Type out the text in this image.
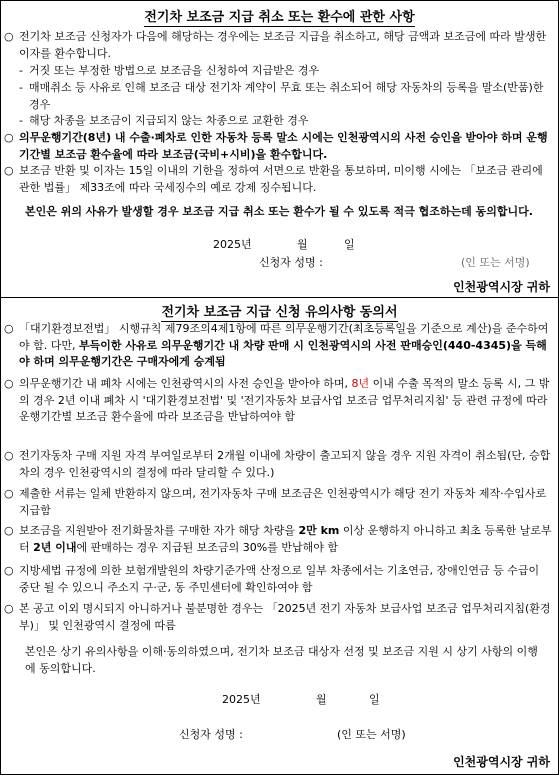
전기차 보조금 지급 취소 또는 환수에 관한 사항
○ 전기차 보조금 신청자가 다음에 해당하는 경우에는 보조금 지급을 취소하고, 해당 금액과 보조금에 따라 발생한 이자를 환수합니다.
- 거짓 또는 부정한 방법으로 보조금을 신청하여 지급받은 경우
- 매매취소 등 사유로 인해 보조금 대상 전기차 계약이 무효 또는 취소되어 해당 자동차의 등록을 말소(반품)한 경우
- 해당 차종을 보조금이 지급되지 않는 차종으로 교환한 경우
○ 의무운행기간(8년) 내 수출·폐차로 인한 자동차 등록 말소 시에는 인천광역시의 사전 승인을 받아야 하며 운행기간별 보조금 환수율에 따라 보조금(국비+시비)을 환수합니다.
○ 보조금 반환 및 이자는 15일 이내의 기한을 정하여 서면으로 반환을 통보하며, 미이행 시에는 「보조금 관리에 관한 법률」 제33조에 따라 국세징수의 예로 강제 징수됩니다.
본인은 위의 사유가 발생할 경우 보조금 지급 취소 또는 환수가 될 수 있도록 적극 협조하는데 동의합니다.
2025년	월	일
신청자 성명 :	(인 또는 서명)
인천광역시장 귀하
전기차 보조금 지급 신청 유의사항 동의서
○ 「대기환경보전법」 시행규칙 제79조의4제1항에 따른 의무운행기간(최초등록일을 기준으로 계산)을 준수하여야 함. 다만, 부득이한 사유로 의무운행기간 내 차량 판매 시 인천광역시의 사전 판매승인(440-4345)을 득해야 하며 의무운행기간은 구매자에게 승계됨
○ 의무운행기간 내 폐차 시에는 인천광역시의 사전 승인을 받아야 하며, 8년 이내 수출 목적의 말소 등록 시, 그 밖의 경우 2년 이내 폐차 시 '대기환경보전법' 및 '전기자동차 보급사업 보조금 업무처리지침' 등 관련 규정에 따라 운행기간별 보조금 환수율에 따라 보조금을 반납하여야 함
○ 전기자동차 구매 지원 자격 부여일로부터 2개월 이내에 차량이 출고되지 않을 경우 지원 자격이 취소됨(단, 승합차의 경우 인천광역시의 결정에 따라 달리할 수 있다.)
○ 제출한 서류는 일체 반환하지 않으며, 전기자동차 구매 보조금은 인천광역시가 해당 전기 자동차 제작·수입사로 지급함
○ 보조금을 지원받아 전기화물차를 구매한 자가 해당 차량을 2만 km 이상 운행하지 아니하고 최초 등록한 날로부터 2년 이내에 판매하는 경우 지급된 보조금의 30%를 반납해야 함
○ 지방세법 규정에 의한 보험개발원의 차량기준가액 산정으로 일부 차종에서는 기초연금, 장애인연금 등 수급이 중단 될 수 있으니 주소지 구·군, 동 주민센터에 확인하여야 함
○ 본 공고 이외 명시되지 아니하거나 불분명한 경우는 「2025년 전기 자동차 보급사업 보조금 업무처리지침(환경부)」 및 인천광역시 결정에 따름
본인은 상기 유의사항을 이해·동의하였으며, 전기차 보조금 대상자 선정 및 보조금 지원 시 상기 사항의 이행에 동의합니다.
2025년	월	일
신청자 성명 :	(인 또는 서명)
인천광역시장 귀하
